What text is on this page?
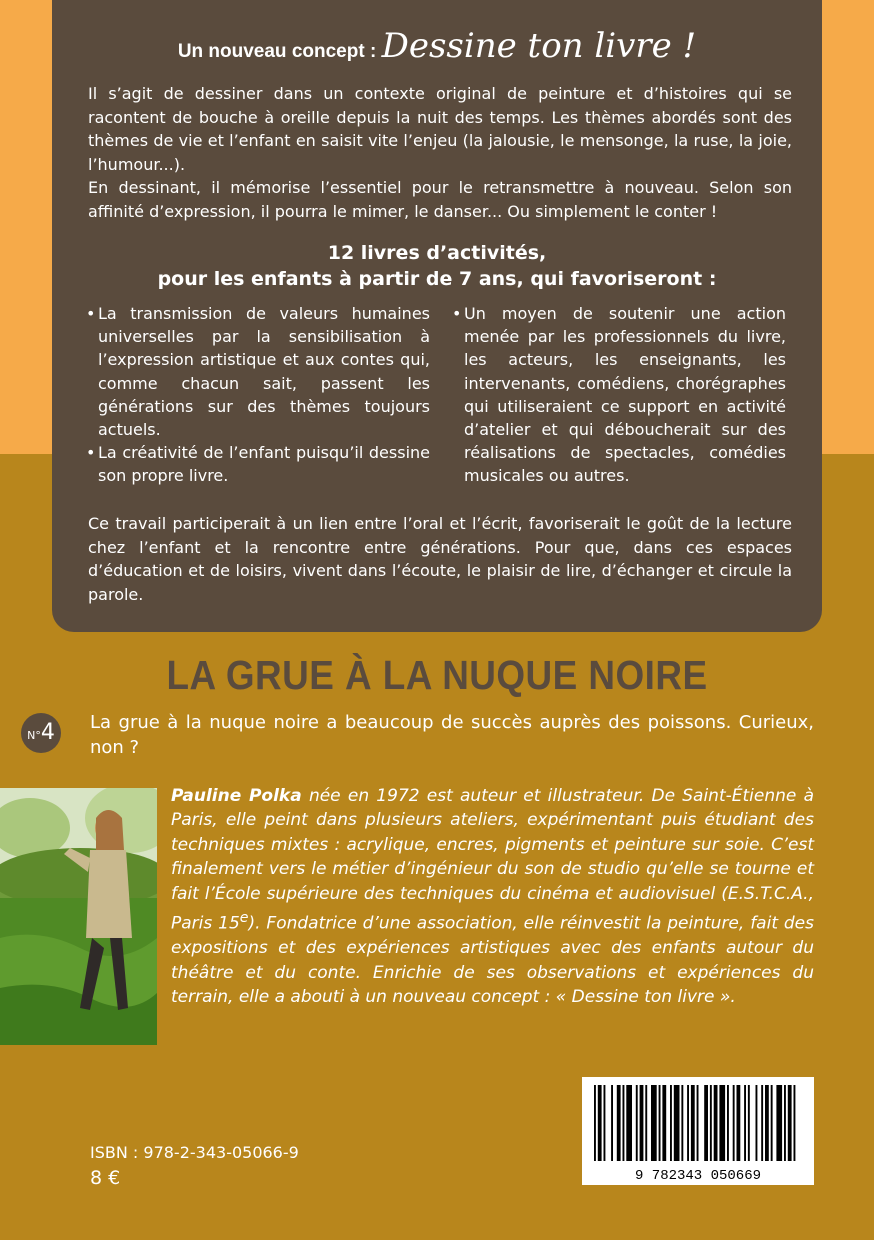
Un nouveau concept : Dessine ton livre !

Il s’agit de dessiner dans un contexte original de peinture et d’histoires qui se racontent de bouche à oreille depuis la nuit des temps. Les thèmes abordés sont des thèmes de vie et l’enfant en saisit vite l’enjeu (la jalousie, le mensonge, la ruse, la joie, l’humour...).

En dessinant, il mémorise l’essentiel pour le retransmettre à nouveau. Selon son affinité d’expression, il pourra le mimer, le danser... Ou simplement le conter !

12 livres d’activités,
pour les enfants à partir de 7 ans, qui favoriseront :
• La transmission de valeurs humaines universelles par la sensibilisation à l’expression artistique et aux contes qui, comme chacun sait, passent les générations sur des thèmes toujours actuels.
• La créativité de l’enfant puisqu’il dessine son propre livre.
• Un moyen de soutenir une action menée par les professionnels du livre, les acteurs, les enseignants, les intervenants, comédiens, chorégraphes qui utiliseraient ce support en activité d’atelier et qui déboucherait sur des réalisations de spectacles, comédies musicales ou autres.

Ce travail participerait à un lien entre l’oral et l’écrit, favoriserait le goût de la lecture chez l’enfant et la rencontre entre générations. Pour que, dans ces espaces d’éducation et de loisirs, vivent dans l’écoute, le plaisir de lire, d’échanger et circule la parole.

LA GRUE À LA NUQUE NOIRE
N°4	La grue à la nuque noire a beaucoup de succès auprès des poissons. Curieux, non ?

Pauline Polka née en 1972 est auteur et illustrateur. De Saint-Étienne à Paris, elle peint dans plusieurs ateliers, expérimentant puis étudiant des techniques mixtes : acrylique, encres, pigments et peinture sur soie. C’est finalement vers le métier d’ingénieur du son de studio qu’elle se tourne et fait l’École supérieure des techniques du cinéma et audiovisuel (E.S.T.C.A., Paris 15e). Fondatrice d’une association, elle réinvestit la peinture, fait des expositions et des expériences artistiques avec des enfants autour du théâtre et du conte. Enrichie de ses observations et expériences du terrain, elle a abouti à un nouveau concept : « Dessine ton livre ».

9 782343 050669
ISBN : 978-2-343-05066-9
8 €
